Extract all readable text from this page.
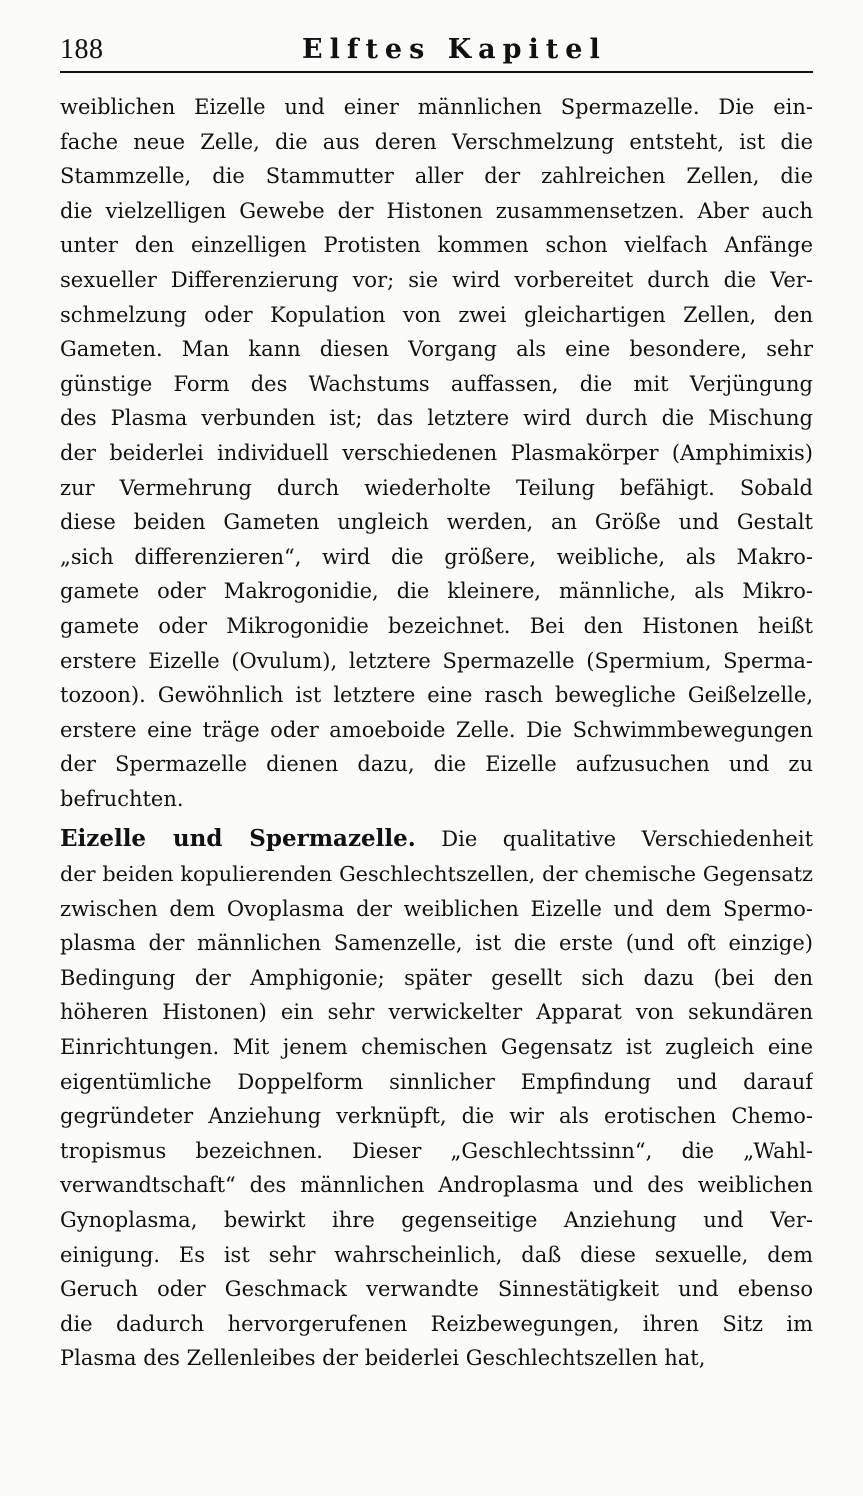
188	Elftes Kapitel
weiblichen Eizelle und einer männlichen Spermazelle. Die ein-
fache neue Zelle, die aus deren Verschmelzung entsteht, ist die
Stammzelle, die Stammutter aller der zahlreichen Zellen, die
die vielzelligen Gewebe der Histonen zusammensetzen. Aber auch
unter den einzelligen Protisten kommen schon vielfach Anfänge
sexueller Differenzierung vor; sie wird vorbereitet durch die Ver-
schmelzung oder Kopulation von zwei gleichartigen Zellen, den
Gameten. Man kann diesen Vorgang als eine besondere, sehr
günstige Form des Wachstums auffassen, die mit Verjüngung
des Plasma verbunden ist; das letztere wird durch die Mischung
der beiderlei individuell verschiedenen Plasmakörper (Amphimixis)
zur Vermehrung durch wiederholte Teilung befähigt. Sobald
diese beiden Gameten ungleich werden, an Größe und Gestalt
„sich differenzieren“, wird die größere, weibliche, als Makro-
gamete oder Makrogonidie, die kleinere, männliche, als Mikro-
gamete oder Mikrogonidie bezeichnet. Bei den Histonen heißt
erstere Eizelle (Ovulum), letztere Spermazelle (Spermium, Sperma-
tozoon). Gewöhnlich ist letztere eine rasch bewegliche Geißelzelle,
erstere eine träge oder amoeboide Zelle. Die Schwimmbewegungen
der Spermazelle dienen dazu, die Eizelle aufzusuchen und zu
befruchten.
Eizelle und Spermazelle. Die qualitative Verschiedenheit
der beiden kopulierenden Geschlechtszellen, der chemische Gegensatz
zwischen dem Ovoplasma der weiblichen Eizelle und dem Spermo-
plasma der männlichen Samenzelle, ist die erste (und oft einzige)
Bedingung der Amphigonie; später gesellt sich dazu (bei den
höheren Histonen) ein sehr verwickelter Apparat von sekundären
Einrichtungen. Mit jenem chemischen Gegensatz ist zugleich eine
eigentümliche Doppelform sinnlicher Empfindung und darauf
gegründeter Anziehung verknüpft, die wir als erotischen Chemo-
tropismus bezeichnen. Dieser „Geschlechtssinn“, die „Wahl-
verwandtschaft“ des männlichen Androplasma und des weiblichen
Gynoplasma, bewirkt ihre gegenseitige Anziehung und Ver-
einigung. Es ist sehr wahrscheinlich, daß diese sexuelle, dem
Geruch oder Geschmack verwandte Sinnestätigkeit und ebenso
die dadurch hervorgerufenen Reizbewegungen, ihren Sitz im
Plasma des Zellenleibes der beiderlei Geschlechtszellen hat,
